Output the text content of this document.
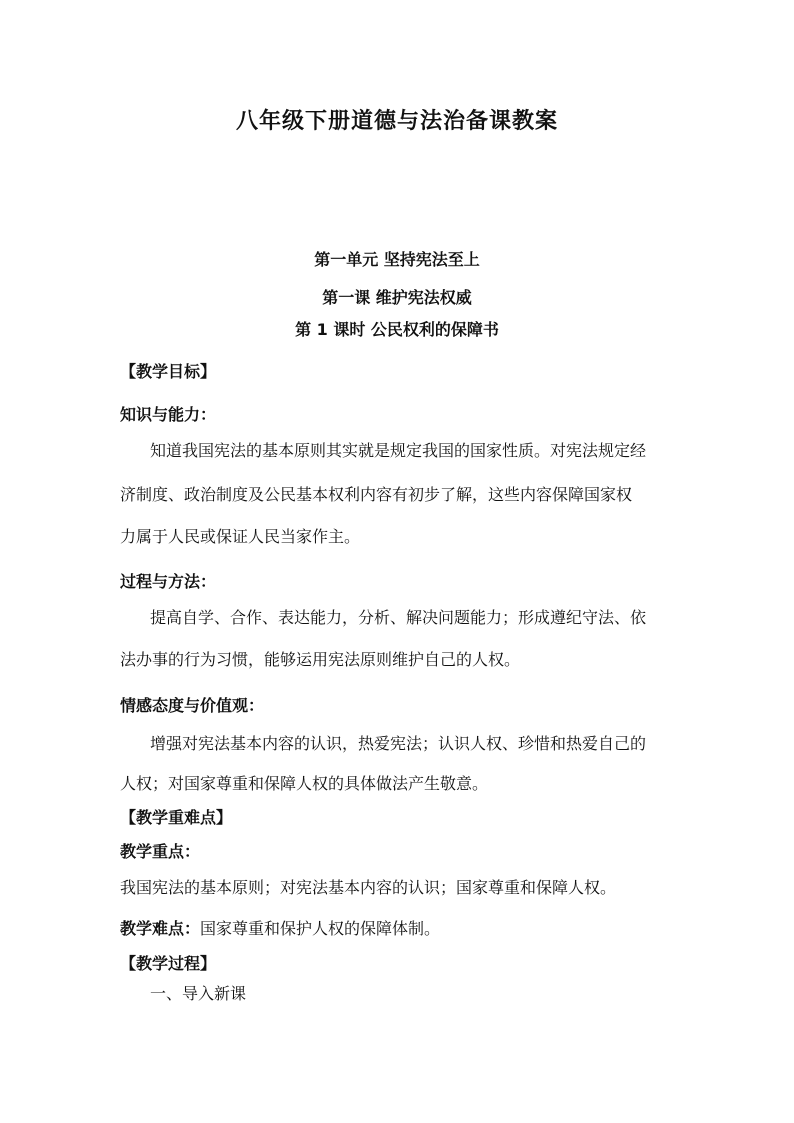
八年级下册道德与法治备课教案
第一单元 坚持宪法至上
第一课 维护宪法权威
第 1 课时 公民权利的保障书
【教学目标】
知识与能力：
知道我国宪法的基本原则其实就是规定我国的国家性质。对宪法规定经
济制度、政治制度及公民基本权利内容有初步了解，这些内容保障国家权
力属于人民或保证人民当家作主。
过程与方法：
提高自学、合作、表达能力，分析、解决问题能力；形成遵纪守法、依
法办事的行为习惯，能够运用宪法原则维护自己的人权。
情感态度与价值观：
增强对宪法基本内容的认识，热爱宪法；认识人权、珍惜和热爱自己的
人权；对国家尊重和保障人权的具体做法产生敬意。
【教学重难点】
教学重点：
我国宪法的基本原则；对宪法基本内容的认识；国家尊重和保障人权。
教学难点：国家尊重和保护人权的保障体制。
【教学过程】
一、导入新课
